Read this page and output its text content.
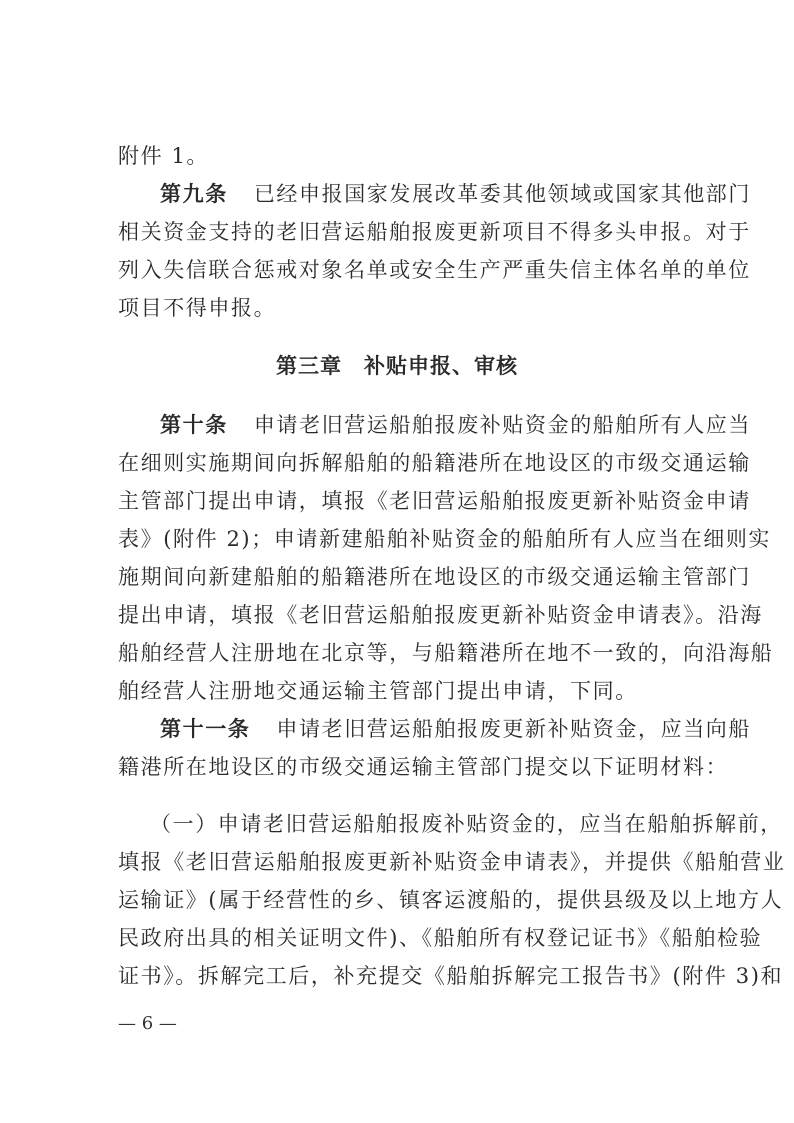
附件 1。
第九条 已经申报国家发展改革委其他领域或国家其他部门
相关资金支持的老旧营运船舶报废更新项目不得多头申报。对于
列入失信联合惩戒对象名单或安全生产严重失信主体名单的单位
项目不得申报。
第三章　补贴申报、审核
第十条 申请老旧营运船舶报废补贴资金的船舶所有人应当
在细则实施期间向拆解船舶的船籍港所在地设区的市级交通运输
主管部门提出申请，填报《老旧营运船舶报废更新补贴资金申请
表》(附件 2)；申请新建船舶补贴资金的船舶所有人应当在细则实
施期间向新建船舶的船籍港所在地设区的市级交通运输主管部门
提出申请，填报《老旧营运船舶报废更新补贴资金申请表》。沿海
船舶经营人注册地在北京等，与船籍港所在地不一致的，向沿海船
舶经营人注册地交通运输主管部门提出申请，下同。
第十一条 申请老旧营运船舶报废更新补贴资金，应当向船
籍港所在地设区的市级交通运输主管部门提交以下证明材料：
（一）申请老旧营运船舶报废补贴资金的，应当在船舶拆解前，
填报《老旧营运船舶报废更新补贴资金申请表》，并提供《船舶营业
运输证》(属于经营性的乡、镇客运渡船的，提供县级及以上地方人
民政府出具的相关证明文件)、《船舶所有权登记证书》《船舶检验
证书》。拆解完工后，补充提交《船舶拆解完工报告书》(附件 3)和
— 6 —
